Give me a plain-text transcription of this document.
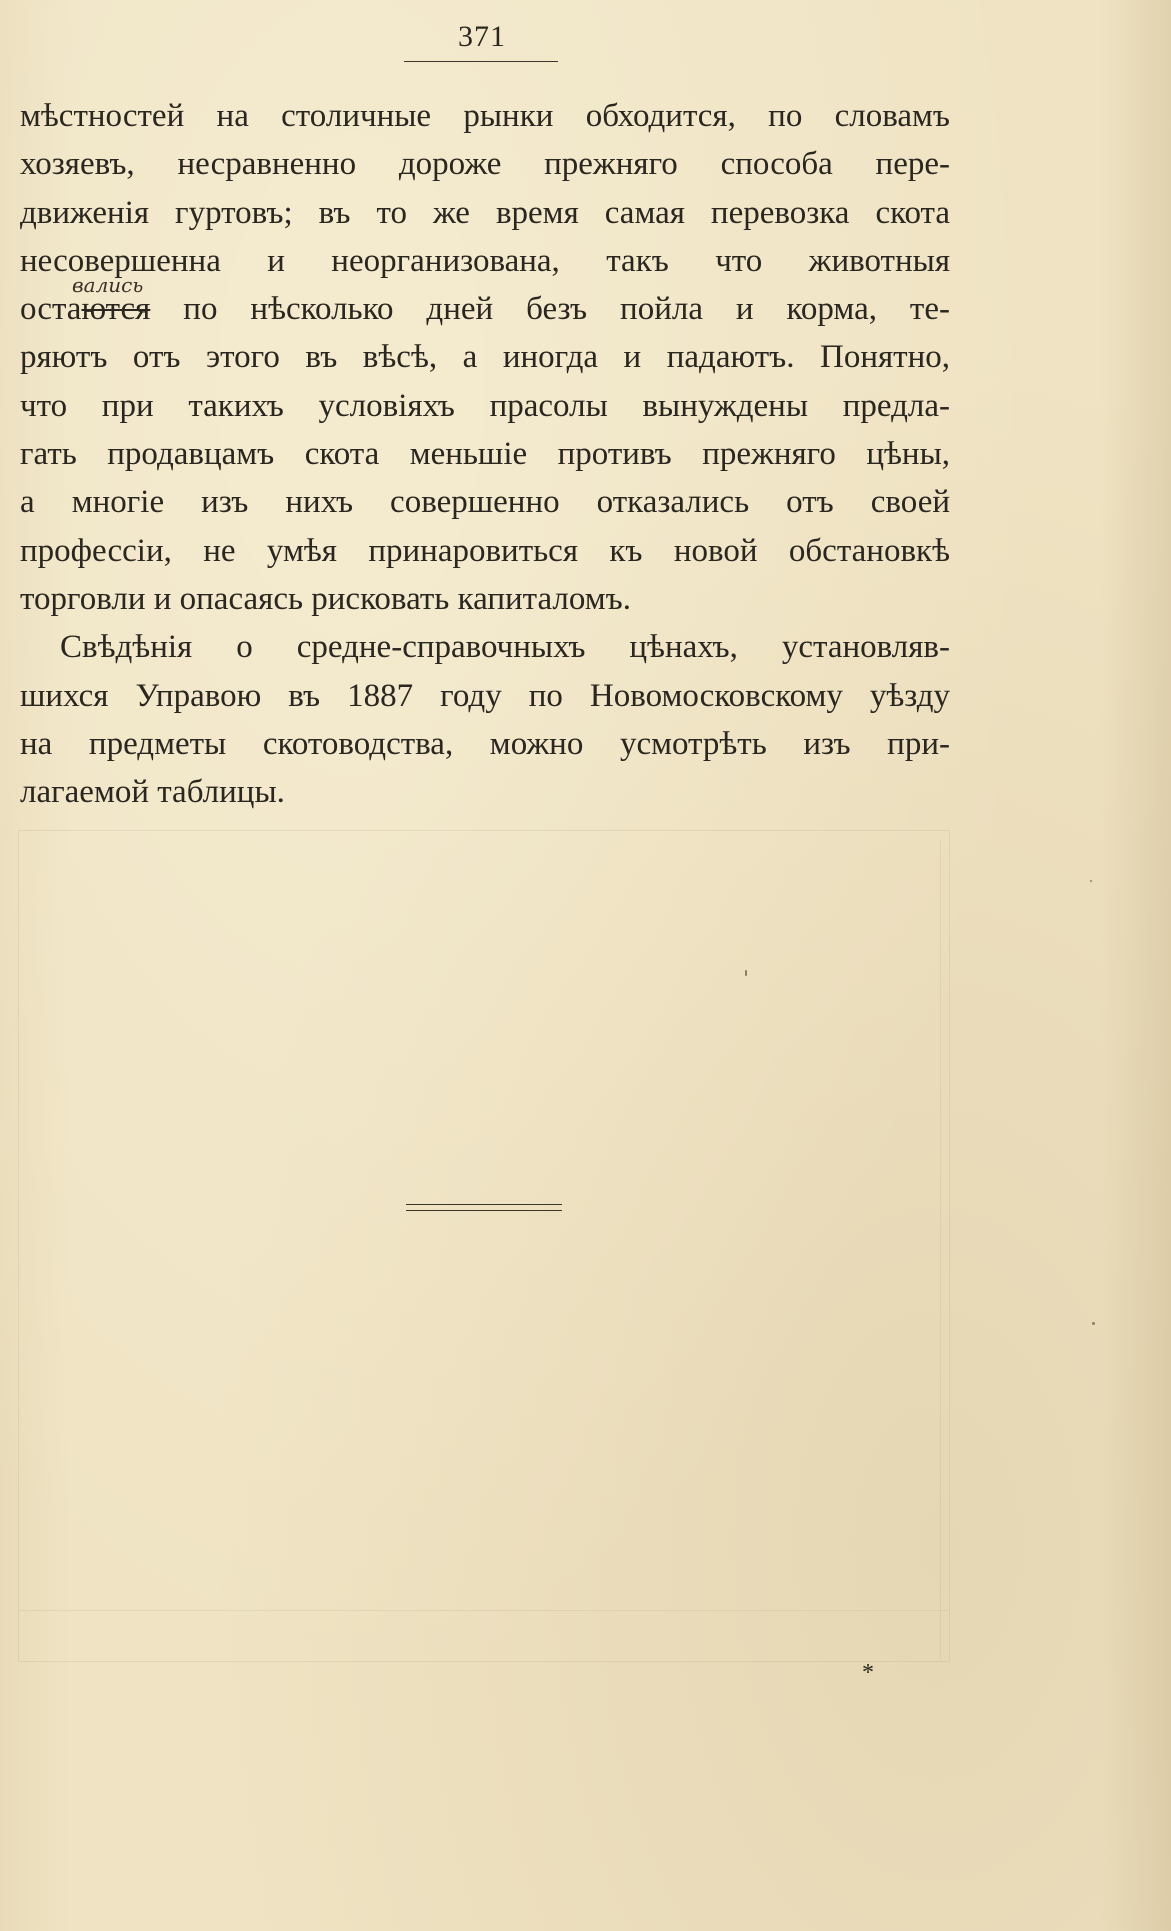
371
мѣстностей на столичные рынки обходится, по словамъ
хозяевъ, несравненно дороже прежняго способа пере-
движенія гуртовъ; въ то же время самая перевозка скота
несовершенна и неорганизована, такъ что животныя
остаются
вались
по нѣсколько дней безъ пойла и корма, те-
ряютъ отъ этого въ вѣсѣ, а иногда и падаютъ. Понятно,
что при такихъ условіяхъ прасолы вынуждены предла-
гать продавцамъ скота меньшіе противъ прежняго цѣны,
а многіе изъ нихъ совершенно отказались отъ своей
профессіи, не умѣя принаровиться къ новой обстановкѣ
торговли и опасаясь рисковать капиталомъ.
Свѣдѣнія о средне-справочныхъ цѣнахъ, установляв-
шихся Управою въ 1887 году по Новомосковскому уѣзду
на предметы скотоводства, можно усмотрѣть изъ при-
лагаемой таблицы.
*
